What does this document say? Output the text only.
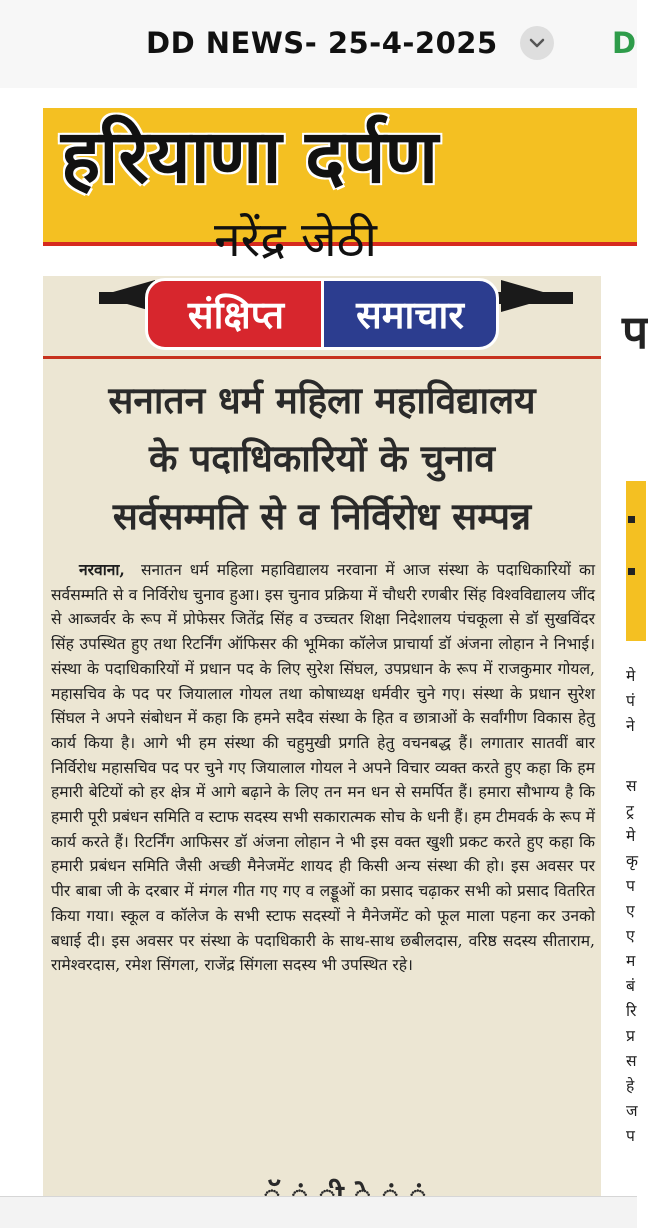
DD NEWS- 25-4-2025	D
हरियाणा दर्पण
नरेंद्र जेठी
संक्षिप्त	समाचार
सनातन धर्म महिला महाविद्यालय
के पदाधिकारियों के चुनाव
सर्वसम्मति से व निर्विरोध सम्पन्न
नरवाना, सनातन धर्म महिला महाविद्यालय नरवाना में आज संस्था के पदाधिकारियों का सर्वसम्मति से व निर्विरोध चुनाव हुआ। इस चुनाव प्रक्रिया में चौधरी रणबीर सिंह विश्वविद्यालय जींद से आब्जर्वर के रूप में प्रोफेसर जितेंद्र सिंह व उच्चतर शिक्षा निदेशालय पंचकूला से डॉ सुखविंदर सिंह उपस्थित हुए तथा रिटर्निंग ऑफिसर की भूमिका कॉलेज प्राचार्या डॉ अंजना लोहान ने निभाई। संस्था के पदाधिकारियों में प्रधान पद के लिए सुरेश सिंघल, उपप्रधान के रूप में राजकुमार गोयल, महासचिव के पद पर जियालाल गोयल तथा कोषाध्यक्ष धर्मवीर चुने गए। संस्था के प्रधान सुरेश सिंघल ने अपने संबोधन में कहा कि हमने सदैव संस्था के हित व छात्राओं के सर्वांगीण विकास हेतु कार्य किया है। आगे भी हम संस्था की चहुमुखी प्रगति हेतु वचनबद्ध हैं। लगातार सातवीं बार निर्विरोध महासचिव पद पर चुने गए जियालाल गोयल ने अपने विचार व्यक्त करते हुए कहा कि हम हमारी बेटियों को हर क्षेत्र में आगे बढ़ाने के लिए तन मन धन से समर्पित हैं। हमारा सौभाग्य है कि हमारी पूरी प्रबंधन समिति व स्टाफ सदस्य सभी सकारात्मक सोच के धनी हैं। हम टीमवर्क के रूप में कार्य करते हैं। रिटर्निंग आफिसर डॉ अंजना लोहान ने भी इस वक्त खुशी प्रकट करते हुए कहा कि हमारी प्रबंधन समिति जैसी अच्छी मैनेजमेंट शायद ही किसी अन्य संस्था की हो। इस अवसर पर पीर बाबा जी के दरबार में मंगल गीत गए गए व लड्डूओं का प्रसाद चढ़ाकर सभी को प्रसाद वितरित किया गया। स्कूल व कॉलेज के सभी स्टाफ सदस्यों ने मैनेजमेंट को फूल माला पहना कर उनको बधाई दी। इस अवसर पर संस्था के पदाधिकारी के साथ-साथ छबीलदास, वरिष्ठ सदस्य सीताराम, रामेश्वरदास, रमेश सिंगला, राजेंद्र सिंगला सदस्य भी उपस्थित रहे।
प
मे
पं
ने
स
ट्र
मे
कृ
प
ए
ए
म
बं
रि
प्र
स
हे
ज
प
